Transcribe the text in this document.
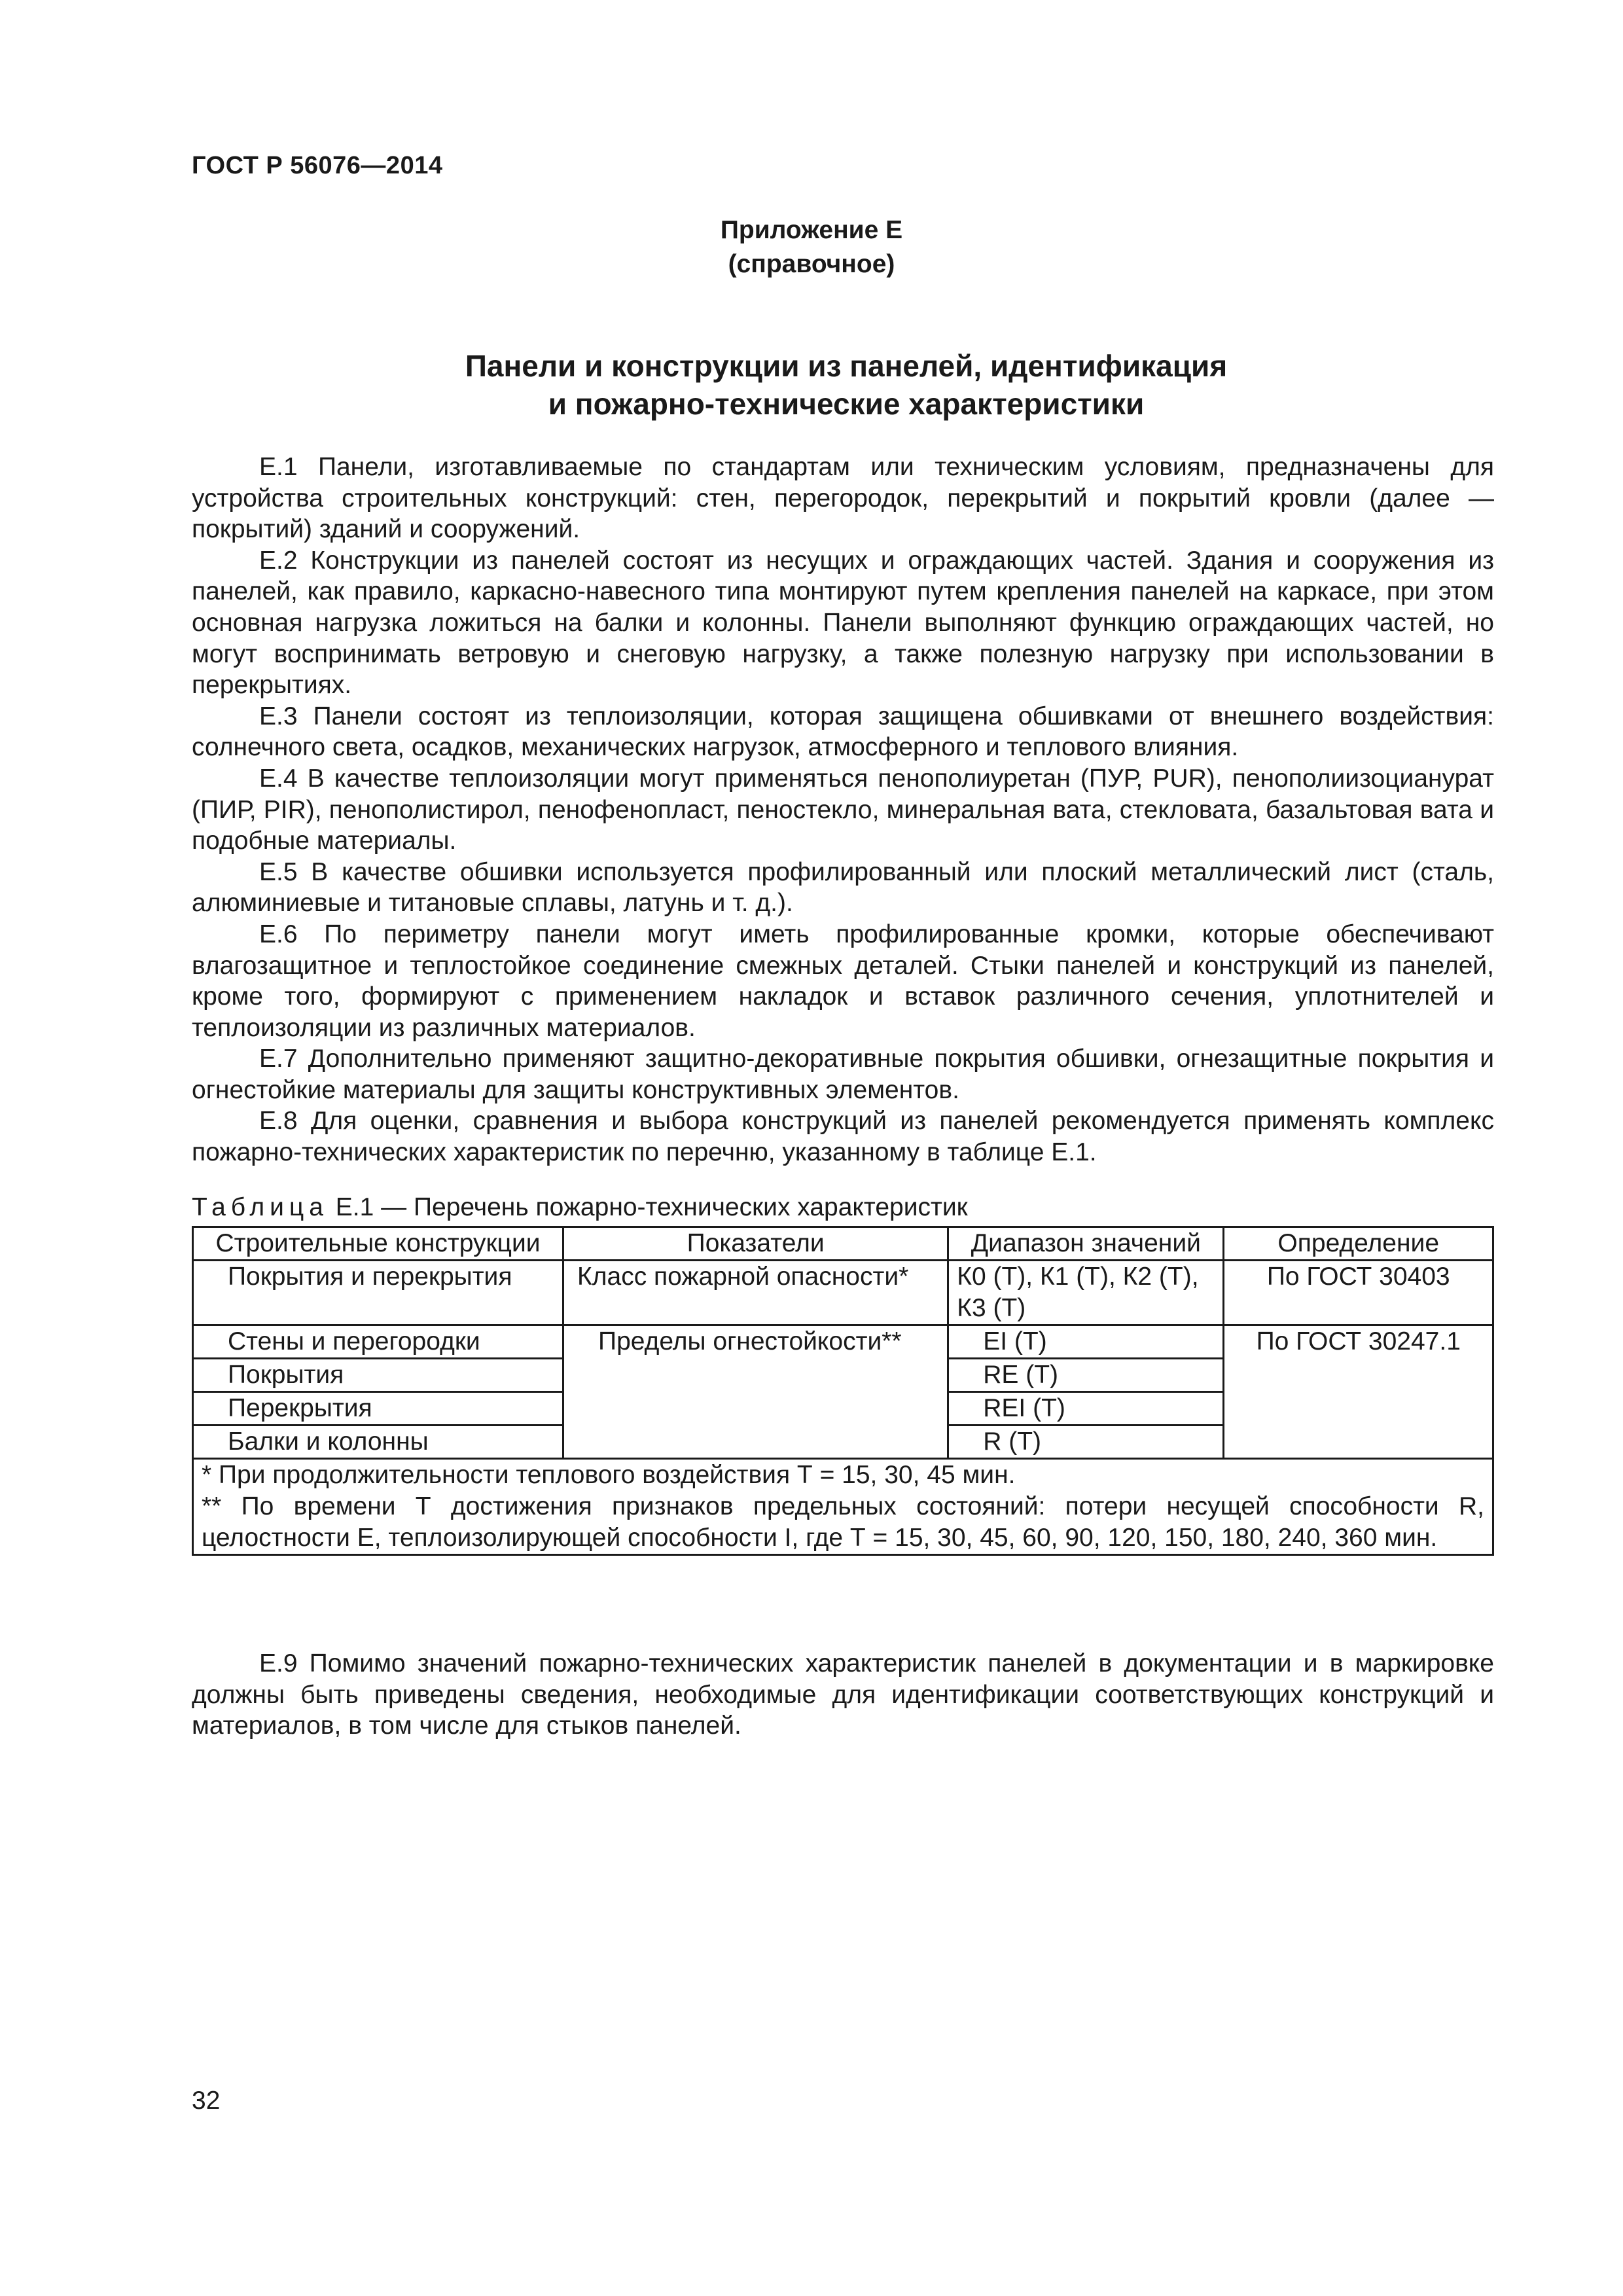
ГОСТ Р 56076—2014
Приложение Е
(справочное)
Панели и конструкции из панелей, идентификация
и пожарно-технические характеристики

Е.1 Панели, изготавливаемые по стандартам или техническим условиям, предназначены для устройства строительных конструкций: стен, перегородок, перекрытий и покрытий кровли (далее — покрытий) зданий и сооружений.

Е.2 Конструкции из панелей состоят из несущих и ограждающих частей. Здания и сооружения из панелей, как правило, каркасно-навесного типа монтируют путем крепления панелей на каркасе, при этом основная нагрузка ложиться на балки и колонны. Панели выполняют функцию ограждающих частей, но могут воспринимать ветровую и снеговую нагрузку, а также полезную нагрузку при использовании в перекрытиях.

Е.3 Панели состоят из теплоизоляции, которая защищена обшивками от внешнего воздействия: солнечного света, осадков, механических нагрузок, атмосферного и теплового влияния.

Е.4 В качестве теплоизоляции могут применяться пенополиуретан (ПУР, PUR), пенополиизоцианурат (ПИР, PIR), пенополистирол, пенофенопласт, пеностекло, минеральная вата, стекловата, базальтовая вата и подобные материалы.

Е.5 В качестве обшивки используется профилированный или плоский металлический лист (сталь, алюминиевые и титановые сплавы, латунь и т. д.).

Е.6 По периметру панели могут иметь профилированные кромки, которые обеспечивают влагозащитное и теплостойкое соединение смежных деталей. Стыки панелей и конструкций из панелей, кроме того, формируют с применением накладок и вставок различного сечения, уплотнителей и теплоизоляции из различных материалов.

Е.7 Дополнительно применяют защитно-декоративные покрытия обшивки, огнезащитные покрытия и огнестойкие материалы для защиты конструктивных элементов.

Е.8 Для оценки, сравнения и выбора конструкций из панелей рекомендуется применять комплекс пожарно-технических характеристик по перечню, указанному в таблице Е.1.

Таблица Е.1 — Перечень пожарно-технических характеристик
Строительные конструкции	Показатели	Диапазон значений	Определение
Покрытия и перекрытия	Класс пожарной опасности*	К0 (Т), К1 (Т), К2 (Т), К3 (Т)	По ГОСТ 30403
Стены и перегородки	Пределы огнестойкости**	EI (T)	По ГОСТ 30247.1
Покрытия		RE (T)	
Перекрытия		REI (T)	
Балки и колонны		R (T)	

* При продолжительности теплового воздействия Т = 15, 30, 45 мин.

** По времени Т достижения признаков предельных состояний: потери несущей способности R, целостности E, теплоизолирующей способности I, где Т = 15, 30, 45, 60, 90, 120, 150, 180, 240, 360 мин.			

Е.9 Помимо значений пожарно-технических характеристик панелей в документации и в маркировке должны быть приведены сведения, необходимые для идентификации соответствующих конструкций и материалов, в том числе для стыков панелей.

32
